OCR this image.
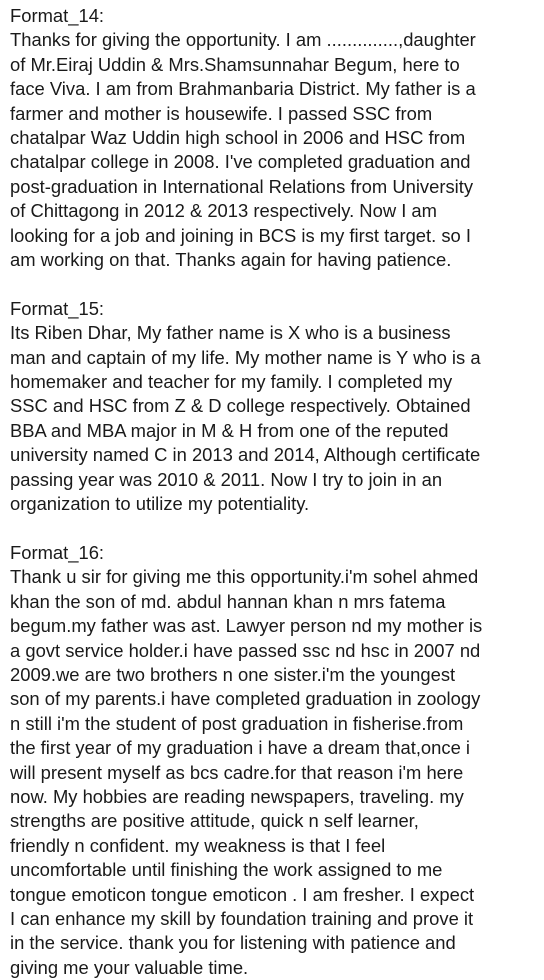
Format_14:
Thanks for giving the opportunity. I am ..............,daughter
of Mr.Eiraj Uddin & Mrs.Shamsunnahar Begum, here to
face Viva. I am from Brahmanbaria District. My father is a
farmer and mother is housewife. I passed SSC from
chatalpar Waz Uddin high school in 2006 and HSC from
chatalpar college in 2008. I've completed graduation and
post-graduation in International Relations from University
of Chittagong in 2012 & 2013 respectively. Now I am
looking for a job and joining in BCS is my first target. so I
am working on that. Thanks again for having patience.
Format_15:
Its Riben Dhar, My father name is X who is a business
man and captain of my life. My mother name is Y who is a
homemaker and teacher for my family. I completed my
SSC and HSC from Z & D college respectively. Obtained
BBA and MBA major in M & H from one of the reputed
university named C in 2013 and 2014, Although certificate
passing year was 2010 & 2011. Now I try to join in an
organization to utilize my potentiality.
Format_16:
Thank u sir for giving me this opportunity.i'm sohel ahmed
khan the son of md. abdul hannan khan n mrs fatema
begum.my father was ast. Lawyer person nd my mother is
a govt service holder.i have passed ssc nd hsc in 2007 nd
2009.we are two brothers n one sister.i'm the youngest
son of my parents.i have completed graduation in zoology
n still i'm the student of post graduation in fisherise.from
the first year of my graduation i have a dream that,once i
will present myself as bcs cadre.for that reason i'm here
now. My hobbies are reading newspapers, traveling. my
strengths are positive attitude, quick n self learner,
friendly n confident. my weakness is that I feel
uncomfortable until finishing the work assigned to me
tongue emoticon tongue emoticon . I am fresher. I expect
I can enhance my skill by foundation training and prove it
in the service. thank you for listening with patience and
giving me your valuable time.
